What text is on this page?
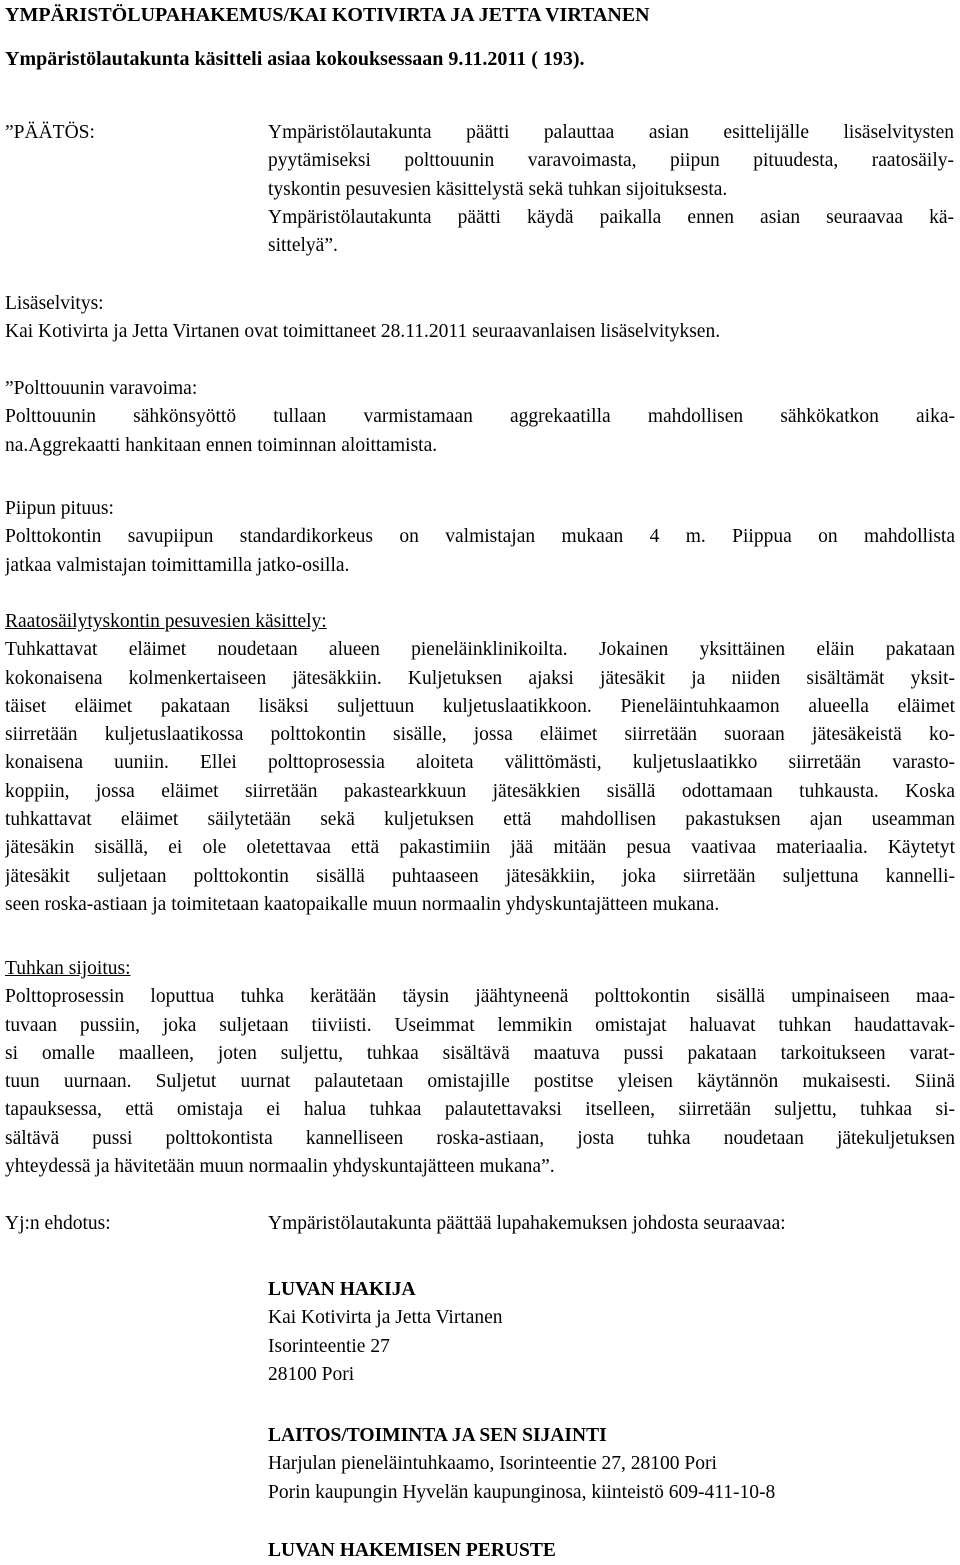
YMPÄRISTÖLUPAHAKEMUS/KAI KOTIVIRTA JA JETTA VIRTANEN
Ympäristölautakunta käsitteli asiaa kokouksessaan 9.11.2011 ( 193).
”PÄÄTÖS:	Ympäristölautakunta päätti palauttaa asian esittelijälle lisäselvitysten
pyytämiseksi polttouunin varavoimasta, piipun pituudesta, raatosäily-
tyskontin pesuvesien käsittelystä sekä tuhkan sijoituksesta.
Ympäristölautakunta päätti käydä paikalla ennen asian seuraavaa kä-
sittelyä”.
Lisäselvitys:
Kai Kotivirta ja Jetta Virtanen ovat toimittaneet 28.11.2011 seuraavanlaisen lisäselvityksen.
”Polttouunin varavoima:
Polttouunin sähkönsyöttö tullaan varmistamaan aggrekaatilla mahdollisen sähkökatkon aika-
na.Aggrekaatti hankitaan ennen toiminnan aloittamista.
Piipun pituus:
Polttokontin savupiipun standardikorkeus on valmistajan mukaan 4 m. Piippua on mahdollista
jatkaa valmistajan toimittamilla jatko-osilla.
Raatosäilytyskontin pesuvesien käsittely:
Tuhkattavat eläimet noudetaan alueen pieneläinklinikoilta. Jokainen yksittäinen eläin pakataan
kokonaisena kolmenkertaiseen jätesäkkiin. Kuljetuksen ajaksi jätesäkit ja niiden sisältämät yksit-
täiset eläimet pakataan lisäksi suljettuun kuljetuslaatikkoon. Pieneläintuhkaamon alueella eläimet
siirretään kuljetuslaatikossa polttokontin sisälle, jossa eläimet siirretään suoraan jätesäkeistä ko-
konaisena uuniin. Ellei polttoprosessia aloiteta välittömästi, kuljetuslaatikko siirretään varasto-
koppiin, jossa eläimet siirretään pakastearkkuun jätesäkkien sisällä odottamaan tuhkausta. Koska
tuhkattavat eläimet säilytetään sekä kuljetuksen että mahdollisen pakastuksen ajan useamman
jätesäkin sisällä, ei ole oletettavaa että pakastimiin jää mitään pesua vaativaa materiaalia. Käytetyt
jätesäkit suljetaan polttokontin sisällä puhtaaseen jätesäkkiin, joka siirretään suljettuna kannelli-
seen roska-astiaan ja toimitetaan kaatopaikalle muun normaalin yhdyskuntajätteen mukana.
Tuhkan sijoitus:
Polttoprosessin loputtua tuhka kerätään täysin jäähtyneenä polttokontin sisällä umpinaiseen maa-
tuvaan pussiin, joka suljetaan tiiviisti. Useimmat lemmikin omistajat haluavat tuhkan haudattavak-
si omalle maalleen, joten suljettu, tuhkaa sisältävä maatuva pussi pakataan tarkoitukseen varat-
tuun uurnaan. Suljetut uurnat palautetaan omistajille postitse yleisen käytännön mukaisesti. Siinä
tapauksessa, että omistaja ei halua tuhkaa palautettavaksi itselleen, siirretään suljettu, tuhkaa si-
sältävä pussi polttokontista kannelliseen roska-astiaan, josta tuhka noudetaan jätekuljetuksen
yhteydessä ja hävitetään muun normaalin yhdyskuntajätteen mukana”.
Yj:n ehdotus:	Ympäristölautakunta päättää lupahakemuksen johdosta seuraavaa:
LUVAN HAKIJA
Kai Kotivirta ja Jetta Virtanen
Isorinteentie 27
28100 Pori
LAITOS/TOIMINTA JA SEN SIJAINTI
Harjulan pieneläintuhkaamo, Isorinteentie 27, 28100 Pori
Porin kaupungin Hyvelän kaupunginosa, kiinteistö 609-411-10-8
LUVAN HAKEMISEN PERUSTE
